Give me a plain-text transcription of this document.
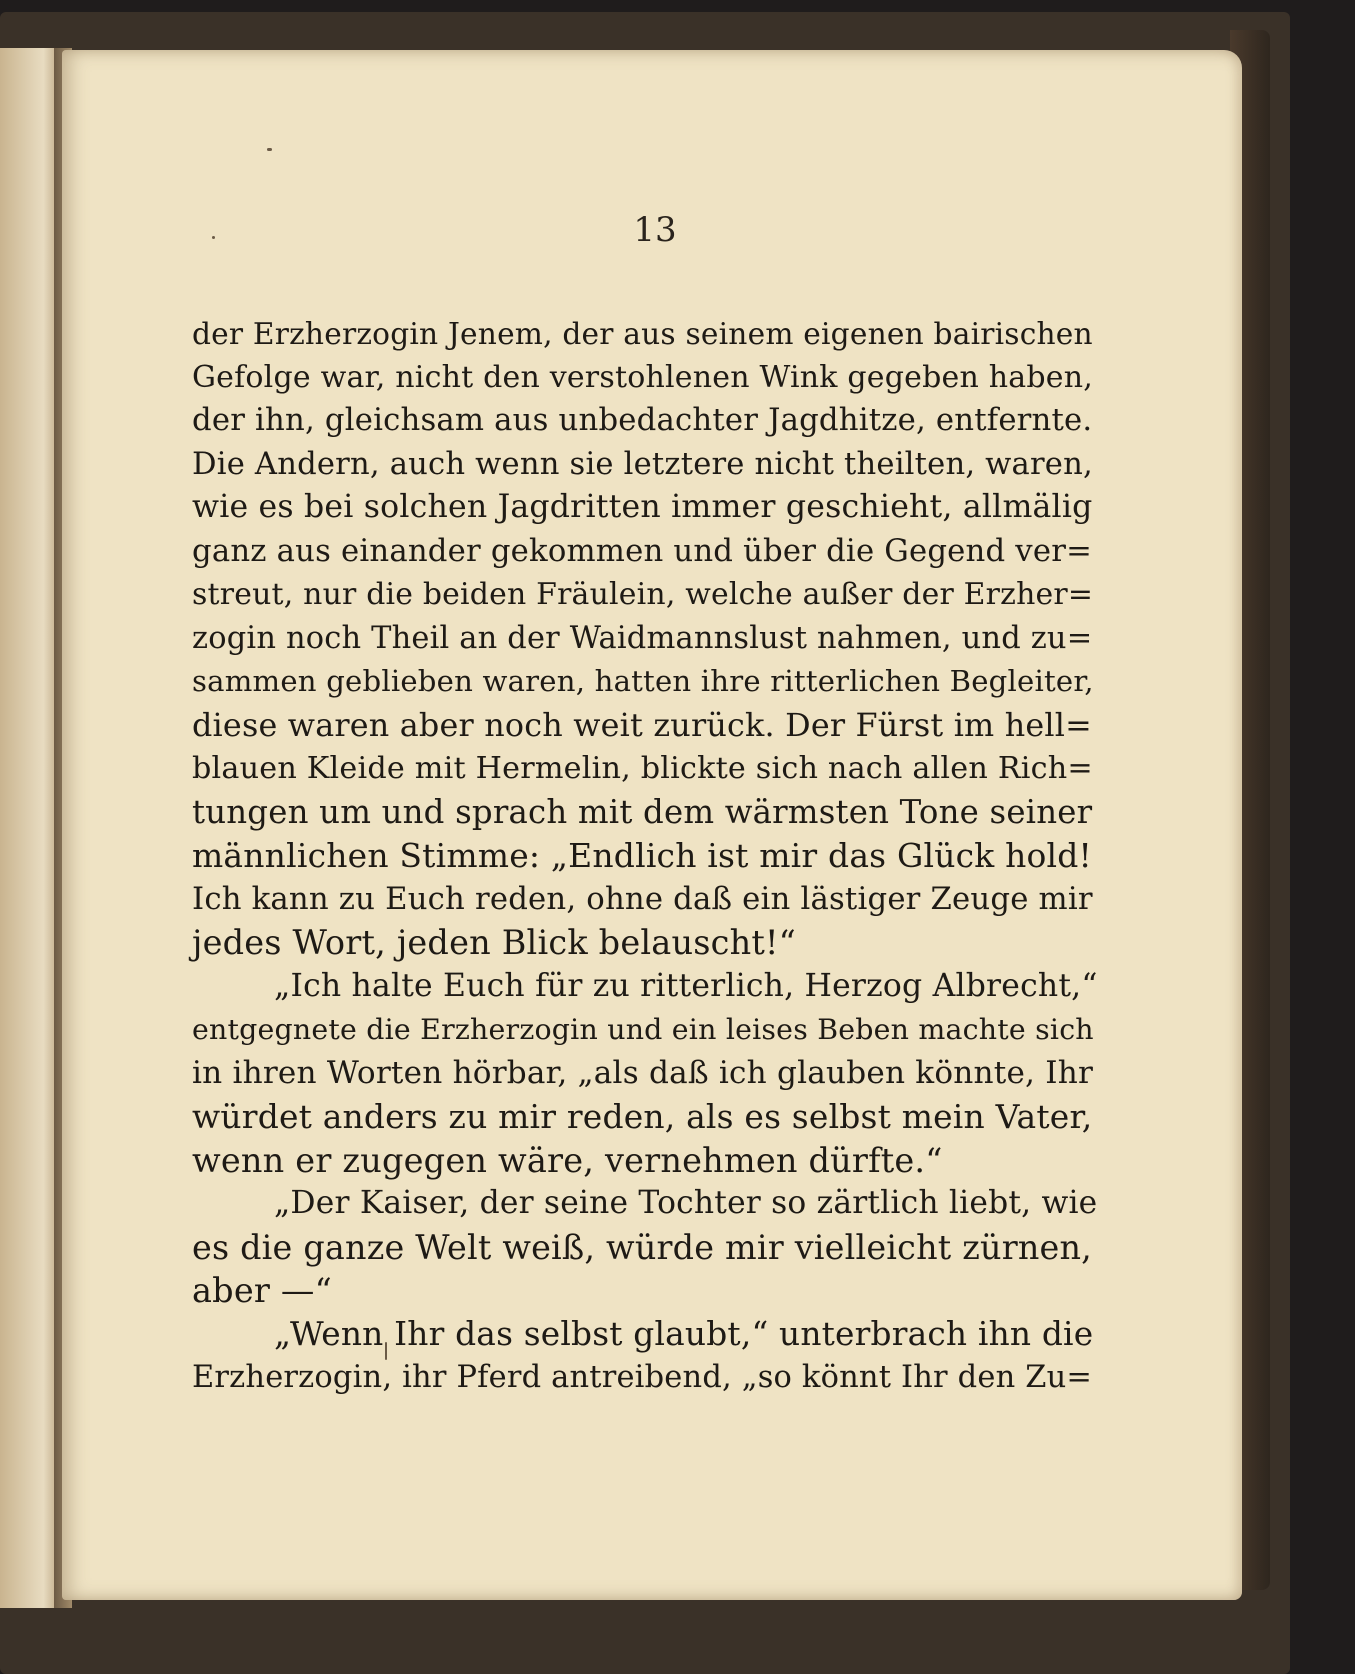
13
der Erzherzogin Jenem, der aus seinem eigenen bairischen
Gefolge war, nicht den verstohlenen Wink gegeben haben,
der ihn, gleichsam aus unbedachter Jagdhitze, entfernte.
Die Andern, auch wenn sie letztere nicht theilten, waren,
wie es bei solchen Jagdritten immer geschieht, allmälig
ganz aus einander gekommen und über die Gegend ver=
streut, nur die beiden Fräulein, welche außer der Erzher=
zogin noch Theil an der Waidmannslust nahmen, und zu=
sammen geblieben waren, hatten ihre ritterlichen Begleiter,
diese waren aber noch weit zurück. Der Fürst im hell=
blauen Kleide mit Hermelin, blickte sich nach allen Rich=
tungen um und sprach mit dem wärmsten Tone seiner
männlichen Stimme: „Endlich ist mir das Glück hold!
Ich kann zu Euch reden, ohne daß ein lästiger Zeuge mir
jedes Wort, jeden Blick belauscht!“
„Ich halte Euch für zu ritterlich, Herzog Albrecht,“
entgegnete die Erzherzogin und ein leises Beben machte sich
in ihren Worten hörbar, „als daß ich glauben könnte, Ihr
würdet anders zu mir reden, als es selbst mein Vater,
wenn er zugegen wäre, vernehmen dürfte.“
„Der Kaiser, der seine Tochter so zärtlich liebt, wie
es die ganze Welt weiß, würde mir vielleicht zürnen,
aber —“
„Wenn Ihr das selbst glaubt,“ unterbrach ihn die
Erzherzogin, ihr Pferd antreibend, „so könnt Ihr den Zu=
